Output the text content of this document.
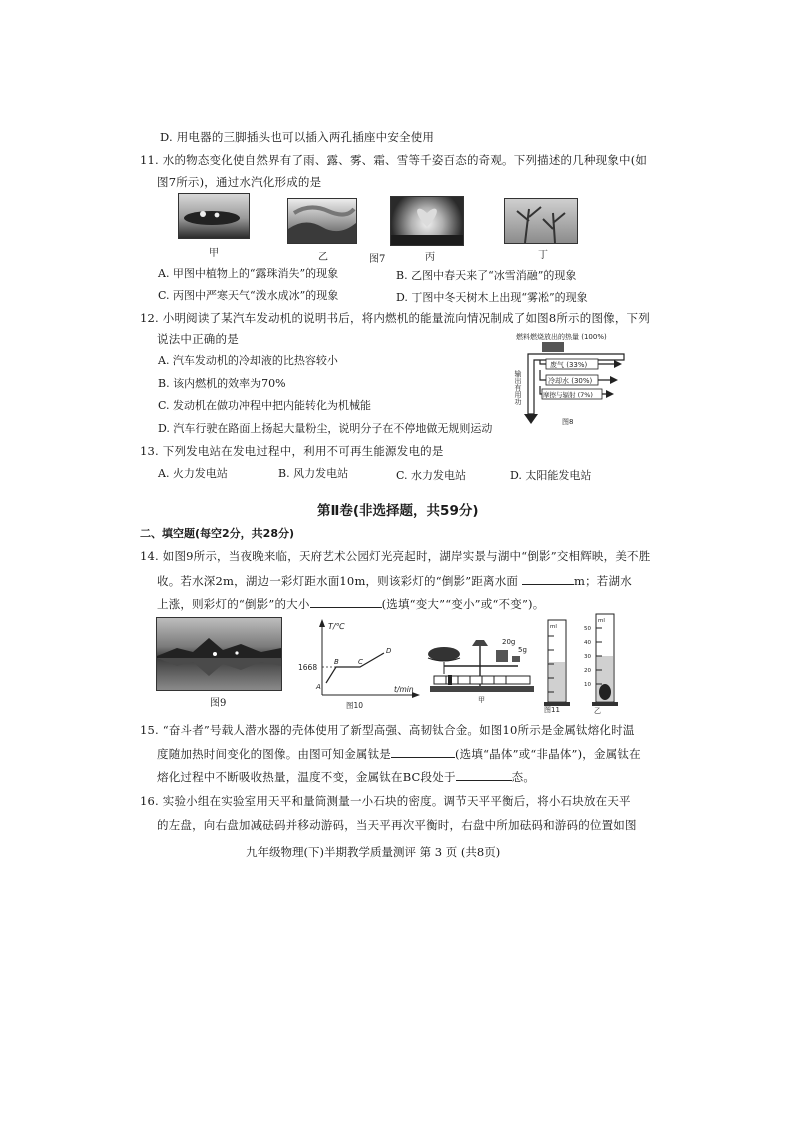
D. 用电器的三脚插头也可以插入两孔插座中安全使用
11. 水的物态变化使自然界有了雨、露、雾、霜、雪等千姿百态的奇观。下列描述的几种现象中(如
图7所示)，通过水汽化形成的是
甲	乙	图7	丙	丁
A. 甲图中植物上的“露珠消失”的现象	B. 乙图中春天来了“冰雪消融”的现象
C. 丙图中严寒天气“泼水成冰”的现象	D. 丁图中冬天树木上出现“雾凇”的现象
12. 小明阅读了某汽车发动机的说明书后，将内燃机的能量流向情况制成了如图8所示的图像，下列
说法中正确的是
A. 汽车发动机的冷却液的比热容较小
B. 该内燃机的效率为70%
C. 发动机在做功冲程中把内能转化为机械能
D. 汽车行驶在路面上扬起大量粉尘，说明分子在不停地做无规则运动
燃料燃烧放出的热量 (100%)
废气 (33%)
冷却水 (30%)
摩擦与辐射 (7%)
输出有用功
图8
13. 下列发电站在发电过程中，利用不可再生能源发电的是
A. 火力发电站	B. 风力发电站	C. 水力发电站	D. 太阳能发电站
第Ⅱ卷(非选择题，共59分)
二、填空题(每空2分，共28分)
14. 如图9所示，当夜晚来临，天府艺术公园灯光亮起时，湖岸实景与湖中“倒影”交相辉映，美不胜
收。若水深2m，湖边一彩灯距水面10m，则该彩灯的“倒影”距离水面	m；若湖水
上涨，则彩灯的“倒影”的大小	(选填“变大”“变小”或“不变”)。
图9
T/℃
t/min
1668
A
B	C
D
图10
20g
5g
甲
ml
ml
50
40
30
20
10
乙
图11
15. “奋斗者”号载人潜水器的壳体使用了新型高强、高韧钛合金。如图10所示是金属钛熔化时温
度随加热时间变化的图像。由图可知金属钛是	(选填“晶体”或“非晶体”)，金属钛在
熔化过程中不断吸收热量，温度不变，金属钛在BC段处于	态。
16. 实验小组在实验室用天平和量筒测量一小石块的密度。调节天平平衡后，将小石块放在天平
的左盘，向右盘加减砝码并移动游码，当天平再次平衡时，右盘中所加砝码和游码的位置如图
九年级物理(下)半期教学质量测评 第 3 页 (共8页)
